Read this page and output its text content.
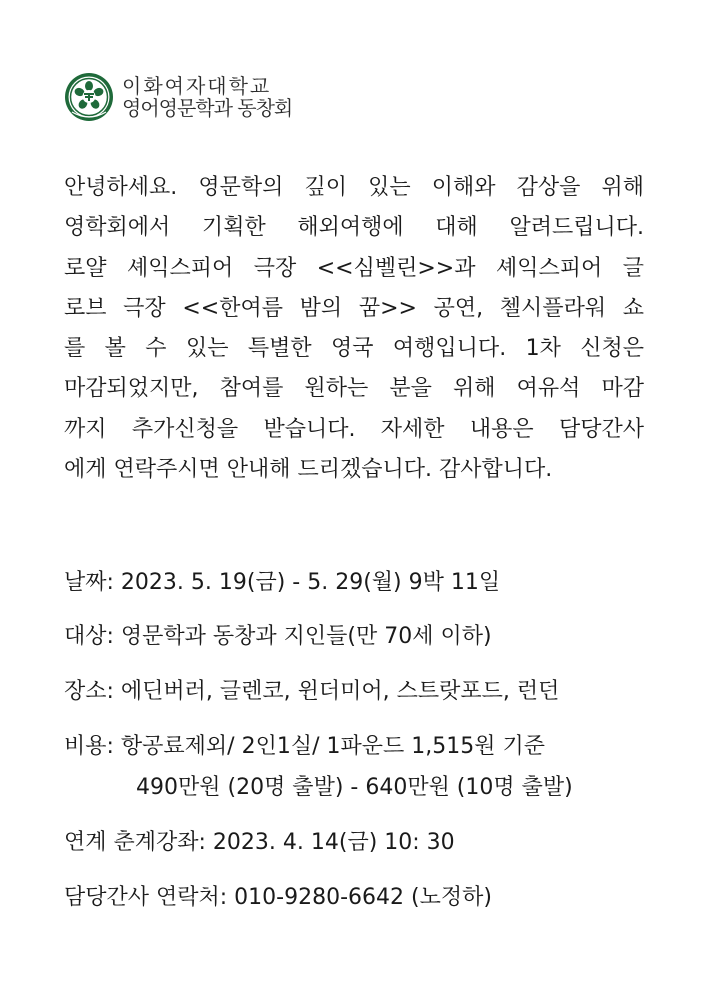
이화여자대학교
영어영문학과 동창회
안녕하세요. 영문학의 깊이 있는 이해와 감상을 위해
영학회에서 기획한 해외여행에 대해 알려드립니다.
로얄 셰익스피어 극장 <<심벨린>>과 셰익스피어 글
로브 극장 <<한여름 밤의 꿈>> 공연, 첼시플라워 쇼
를 볼 수 있는 특별한 영국 여행입니다. 1차 신청은
마감되었지만, 참여를 원하는 분을 위해 여유석 마감
까지 추가신청을 받습니다. 자세한 내용은 담당간사
에게 연락주시면 안내해 드리겠습니다. 감사합니다.
날짜: 2023. 5. 19(금) - 5. 29(월) 9박 11일
대상: 영문학과 동창과 지인들(만 70세 이하)
장소: 에딘버러, 글렌코, 윈더미어, 스트랏포드, 런던
비용: 항공료제외/ 2인1실/ 1파운드 1,515원 기준
490만원 (20명 출발) - 640만원 (10명 출발)
연계 춘계강좌: 2023. 4. 14(금) 10: 30
담당간사 연락처: 010-9280-6642 (노정하)
